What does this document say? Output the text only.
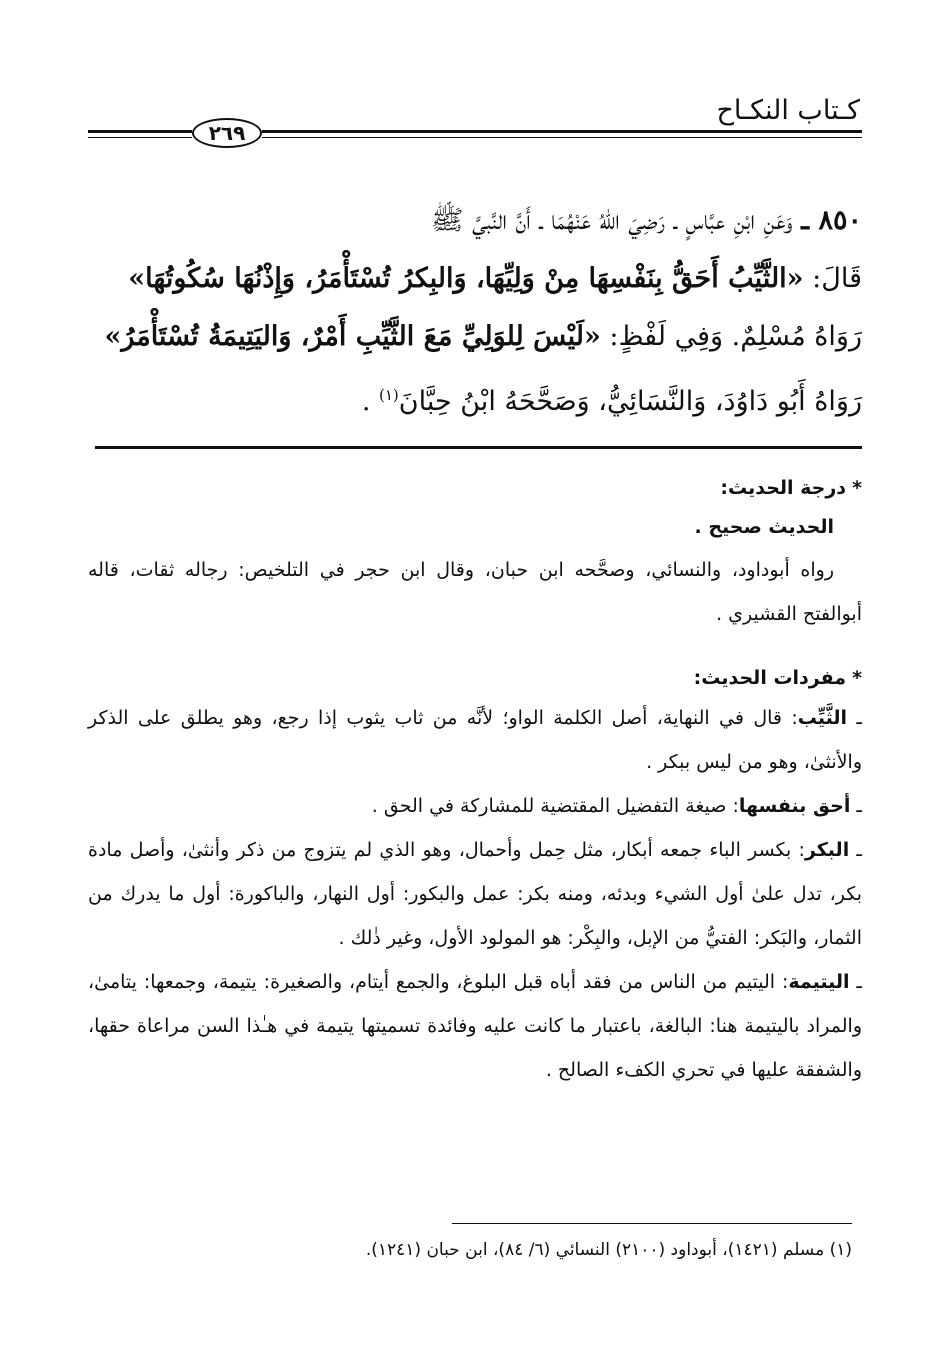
كـتاب النكـاح
٢٦٩
٨٥٠ ـ وَعَنِ ابْنِ عبَّاسٍ ـ رَضِيَ اللهُ عَنْهُمَا ـ أَنَّ النَّبيَّ ﷺ
قَالَ: «الثَّيِّبُ أَحَقُّ بِنَفْسِهَا مِنْ وَلِيِّهَا، وَالبِكرُ تُسْتَأْمَرُ، وَإِذْنُهَا سُكُوتُهَا»
رَوَاهُ مُسْلِمٌ. وَفِي لَفْظٍ: «لَيْسَ لِلوَلِيِّ مَعَ الثَّيِّبِ أَمْرٌ، وَاليَتِيمَةُ تُسْتَأْمَرُ»
رَوَاهُ أَبُو دَاوُدَ، وَالنَّسَائِيُّ، وَصَحَّحَهُ ابْنُ حِبَّانَ$^{(١)}$ .

*درجة الحديث:

الحديث صحيح .

رواه أبوداود، والنسائي، وصحَّحه ابن حبان، وقال ابن حجر في التلخيص: رجاله ثقات، قاله أبوالفتح القشيري .

*مفردات الحديث:

ـ الثَّيِّب: قال في النهاية، أصل الكلمة الواو؛ لأنَّه من ثاب يثوب إذا رجع، وهو يطلق على الذكر والأنثىٰ، وهو من ليس ببكر .

ـ أحق بنفسها: صيغة التفضيل المقتضية للمشاركة في الحق .

ـ البكر: بكسر الباء جمعه أبكار، مثل حِمل وأحمال، وهو الذي لم يتزوج من ذكر وأنثىٰ، وأصل مادة بكر، تدل علىٰ أول الشيء وبدئه، ومنه بكر: عمل والبكور: أول النهار، والباكورة: أول ما يدرك من الثمار، والبَكر: الفتيُّ من الإبل، والبِكْر: هو المولود الأول، وغير ذٰلك .

ـ اليتيمة: اليتيم من الناس من فقد أباه قبل البلوغ، والجمع أيتام، والصغيرة: يتيمة، وجمعها: يتامىٰ، والمراد باليتيمة هنا: البالغة، باعتبار ما كانت عليه وفائدة تسميتها يتيمة في هـٰذا السن مراعاة حقها، والشفقة عليها في تحري الكفء الصالح .

(١) مسلم (١٤٢١)، أبوداود (٢١٠٠) النسائي (٦/ ٨٤)، ابن حبان (١٢٤١).
